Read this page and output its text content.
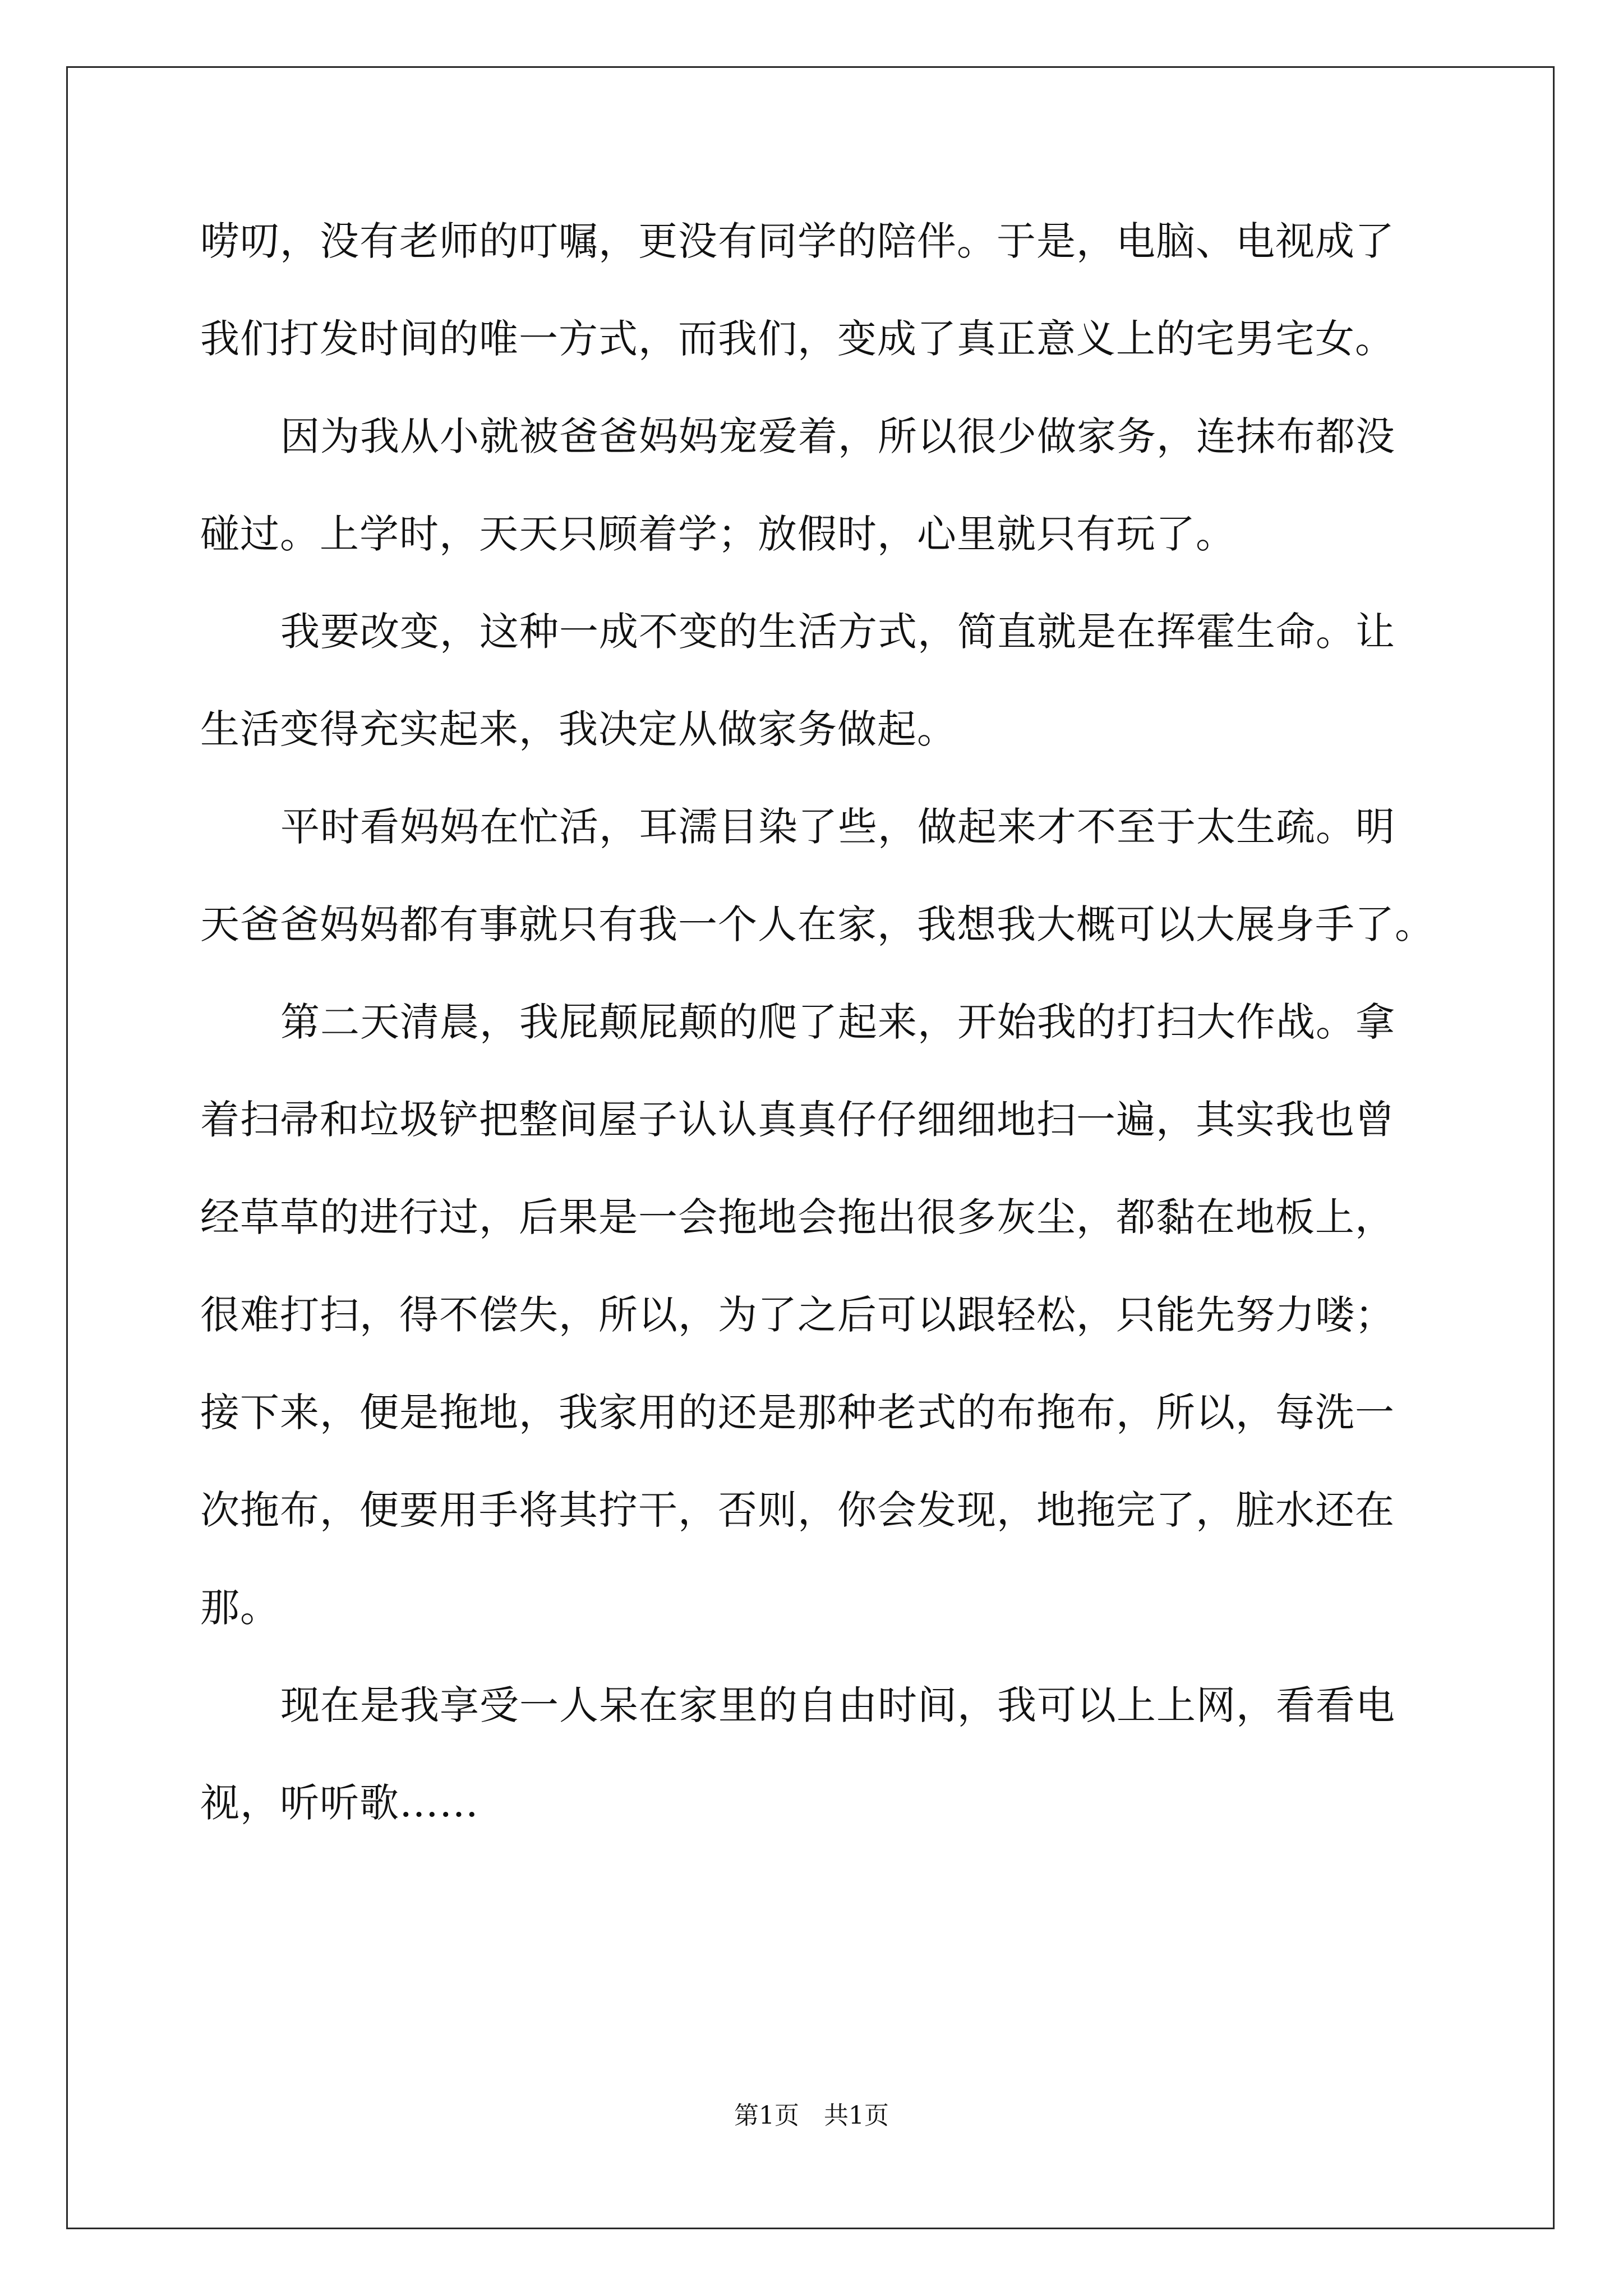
唠叨，没有老师的叮嘱，更没有同学的陪伴。于是，电脑、电视成了
我们打发时间的唯一方式，而我们，变成了真正意义上的宅男宅女。
因为我从小就被爸爸妈妈宠爱着，所以很少做家务，连抹布都没
碰过。上学时，天天只顾着学；放假时，心里就只有玩了。
我要改变，这种一成不变的生活方式，简直就是在挥霍生命。让
生活变得充实起来，我决定从做家务做起。
平时看妈妈在忙活，耳濡目染了些，做起来才不至于太生疏。明
天爸爸妈妈都有事就只有我一个人在家，我想我大概可以大展身手了。
第二天清晨，我屁颠屁颠的爬了起来，开始我的打扫大作战。拿
着扫帚和垃圾铲把整间屋子认认真真仔仔细细地扫一遍，其实我也曾
经草草的进行过，后果是一会拖地会拖出很多灰尘，都黏在地板上，
很难打扫，得不偿失，所以，为了之后可以跟轻松，只能先努力喽；
接下来，便是拖地，我家用的还是那种老式的布拖布，所以，每洗一
次拖布，便要用手将其拧干，否则，你会发现，地拖完了，脏水还在
那。
现在是我享受一人呆在家里的自由时间，我可以上上网，看看电
视，听听歌……
第1页 共1页
